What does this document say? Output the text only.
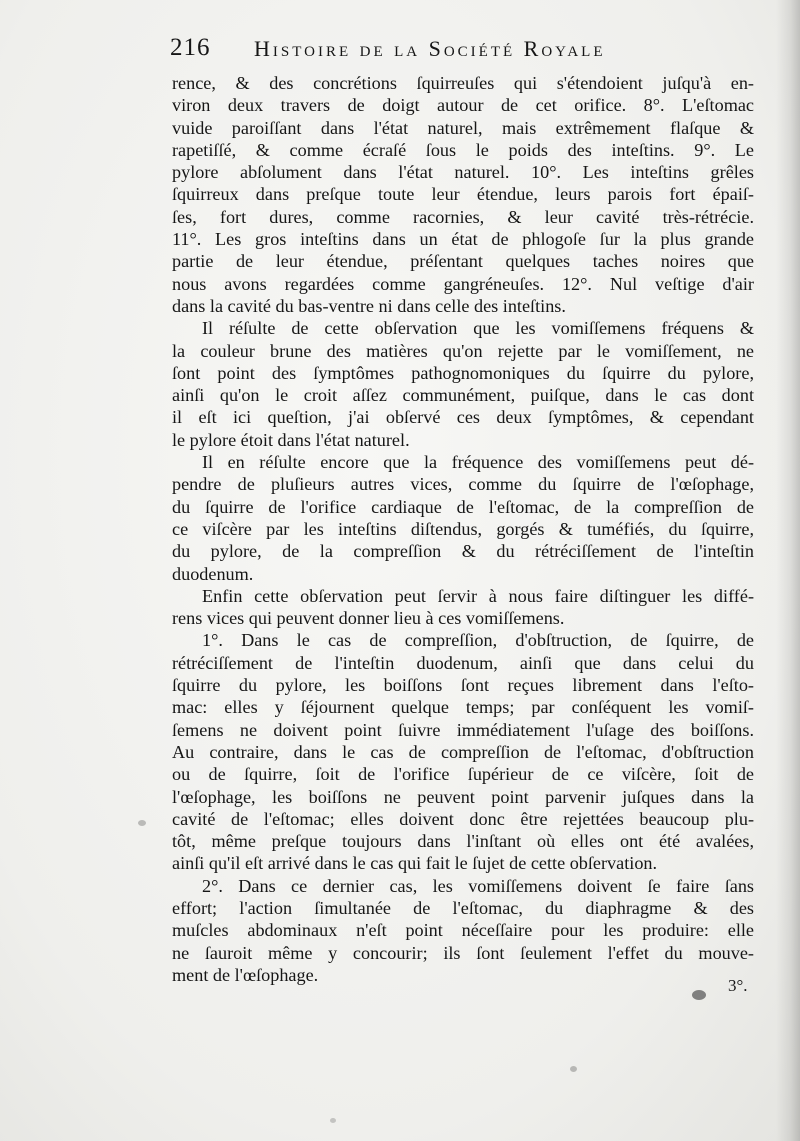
216 Histoire de la Société Royale
rence, & des concrétions ſquirreuſes qui s'étendoient juſqu'à en-
viron deux travers de doigt autour de cet orifice. 8°. L'eſtomac
vuide paroiſſant dans l'état naturel, mais extrêmement flaſque &
rapetiſſé, & comme écraſé ſous le poids des inteſtins. 9°. Le
pylore abſolument dans l'état naturel. 10°. Les inteſtins grêles
ſquirreux dans preſque toute leur étendue, leurs parois fort épaiſ-
ſes, fort dures, comme racornies, & leur cavité très-rétrécie.
11°. Les gros inteſtins dans un état de phlogoſe ſur la plus grande
partie de leur étendue, préſentant quelques taches noires que
nous avons regardées comme gangréneuſes. 12°. Nul veſtige d'air
dans la cavité du bas-ventre ni dans celle des inteſtins.
Il réſulte de cette obſervation que les vomiſſemens fréquens &
la couleur brune des matières qu'on rejette par le vomiſſement, ne
ſont point des ſymptômes pathognomoniques du ſquirre du pylore,
ainſi qu'on le croit aſſez communément, puiſque, dans le cas dont
il eſt ici queſtion, j'ai obſervé ces deux ſymptômes, & cependant
le pylore étoit dans l'état naturel.
Il en réſulte encore que la fréquence des vomiſſemens peut dé-
pendre de pluſieurs autres vices, comme du ſquirre de l'œſophage,
du ſquirre de l'orifice cardiaque de l'eſtomac, de la compreſſion de
ce viſcère par les inteſtins diſtendus, gorgés & tuméfiés, du ſquirre,
du pylore, de la compreſſion & du rétréciſſement de l'inteſtin
duodenum.
Enfin cette obſervation peut ſervir à nous faire diſtinguer les diffé-
rens vices qui peuvent donner lieu à ces vomiſſemens.
1°. Dans le cas de compreſſion, d'obſtruction, de ſquirre, de
rétréciſſement de l'inteſtin duodenum, ainſi que dans celui du
ſquirre du pylore, les boiſſons ſont reçues librement dans l'eſto-
mac: elles y ſéjournent quelque temps; par conſéquent les vomiſ-
ſemens ne doivent point ſuivre immédiatement l'uſage des boiſſons.
Au contraire, dans le cas de compreſſion de l'eſtomac, d'obſtruction
ou de ſquirre, ſoit de l'orifice ſupérieur de ce viſcère, ſoit de
l'œſophage, les boiſſons ne peuvent point parvenir juſques dans la
cavité de l'eſtomac; elles doivent donc être rejettées beaucoup plu-
tôt, même preſque toujours dans l'inſtant où elles ont été avalées,
ainſi qu'il eſt arrivé dans le cas qui fait le ſujet de cette obſervation.
2°. Dans ce dernier cas, les vomiſſemens doivent ſe faire ſans
effort; l'action ſimultanée de l'eſtomac, du diaphragme & des
muſcles abdominaux n'eſt point néceſſaire pour les produire: elle
ne ſauroit même y concourir; ils ſont ſeulement l'effet du mouve-
ment de l'œſophage.
3°.
